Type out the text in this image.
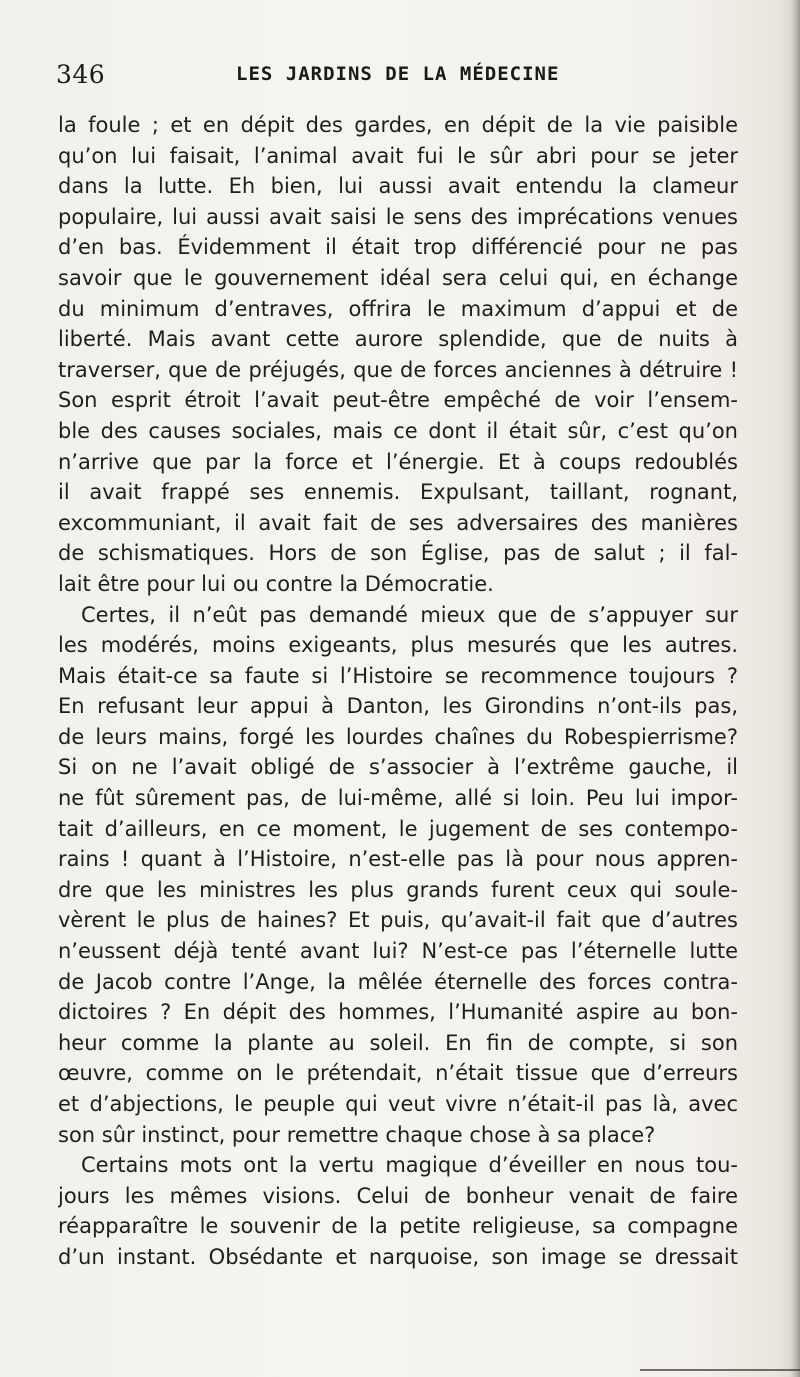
346	LES JARDINS DE LA MÉDECINE
la foule ; et en dépit des gardes, en dépit de la vie paisible
qu’on lui faisait, l’animal avait fui le sûr abri pour se jeter
dans la lutte. Eh bien, lui aussi avait entendu la clameur
populaire, lui aussi avait saisi le sens des imprécations venues
d’en bas. Évidemment il était trop différencié pour ne pas
savoir que le gouvernement idéal sera celui qui, en échange
du minimum d’entraves, offrira le maximum d’appui et de
liberté. Mais avant cette aurore splendide, que de nuits à
traverser, que de préjugés, que de forces anciennes à détruire !
Son esprit étroit l’avait peut-être empêché de voir l’ensem-
ble des causes sociales, mais ce dont il était sûr, c’est qu’on
n’arrive que par la force et l’énergie. Et à coups redoublés
il avait frappé ses ennemis. Expulsant, taillant, rognant,
excommuniant, il avait fait de ses adversaires des manières
de schismatiques. Hors de son Église, pas de salut ; il fal-
lait être pour lui ou contre la Démocratie.
Certes, il n’eût pas demandé mieux que de s’appuyer sur
les modérés, moins exigeants, plus mesurés que les autres.
Mais était-ce sa faute si l’Histoire se recommence toujours ?
En refusant leur appui à Danton, les Girondins n’ont-ils pas,
de leurs mains, forgé les lourdes chaînes du Robespierrisme?
Si on ne l’avait obligé de s’associer à l’extrême gauche, il
ne fût sûrement pas, de lui-même, allé si loin. Peu lui impor-
tait d’ailleurs, en ce moment, le jugement de ses contempo-
rains ! quant à l’Histoire, n’est-elle pas là pour nous appren-
dre que les ministres les plus grands furent ceux qui soule-
vèrent le plus de haines? Et puis, qu’avait-il fait que d’autres
n’eussent déjà tenté avant lui? N’est-ce pas l’éternelle lutte
de Jacob contre l’Ange, la mêlée éternelle des forces contra-
dictoires ? En dépit des hommes, l’Humanité aspire au bon-
heur comme la plante au soleil. En fin de compte, si son
œuvre, comme on le prétendait, n’était tissue que d’erreurs
et d’abjections, le peuple qui veut vivre n’était-il pas là, avec
son sûr instinct, pour remettre chaque chose à sa place?
Certains mots ont la vertu magique d’éveiller en nous tou-
jours les mêmes visions. Celui de bonheur venait de faire
réapparaître le souvenir de la petite religieuse, sa compagne
d’un instant. Obsédante et narquoise, son image se dressait
